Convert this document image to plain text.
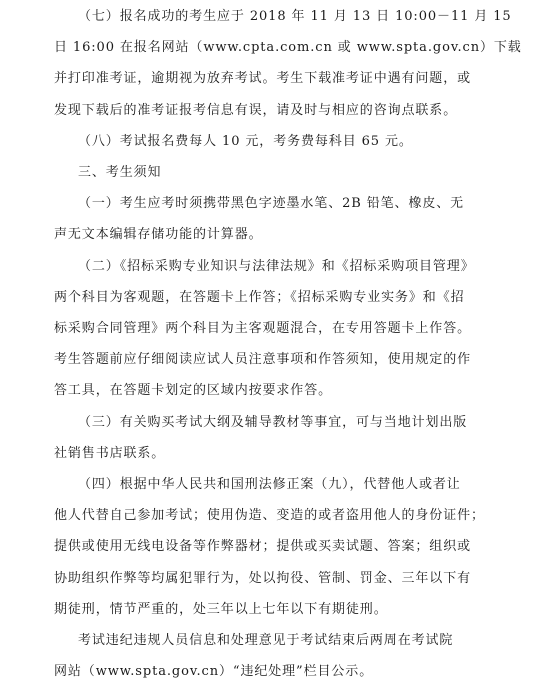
（七）报名成功的考生应于 2018 年 11 月 13 日 10:00－11 月 15
日 16:00 在报名网站（www.cpta.com.cn 或 www.spta.gov.cn）下载
并打印准考证，逾期视为放弃考试。考生下载准考证中遇有问题，或
发现下载后的准考证报考信息有误，请及时与相应的咨询点联系。
（八）考试报名费每人 10 元，考务费每科目 65 元。
三、考生须知
（一）考生应考时须携带黑色字迹墨水笔、2B 铅笔、橡皮、无
声无文本编辑存储功能的计算器。
（二）《招标采购专业知识与法律法规》和《招标采购项目管理》
两个科目为客观题，在答题卡上作答；《招标采购专业实务》和《招
标采购合同管理》两个科目为主客观题混合，在专用答题卡上作答。
考生答题前应仔细阅读应试人员注意事项和作答须知，使用规定的作
答工具，在答题卡划定的区域内按要求作答。
（三）有关购买考试大纲及辅导教材等事宜，可与当地计划出版
社销售书店联系。
（四）根据中华人民共和国刑法修正案（九），代替他人或者让
他人代替自己参加考试；使用伪造、变造的或者盗用他人的身份证件；
提供或使用无线电设备等作弊器材；提供或买卖试题、答案；组织或
协助组织作弊等均属犯罪行为，处以拘役、管制、罚金、三年以下有
期徒刑，情节严重的，处三年以上七年以下有期徒刑。
考试违纪违规人员信息和处理意见于考试结束后两周在考试院
网站（www.spta.gov.cn）“违纪处理”栏目公示。
